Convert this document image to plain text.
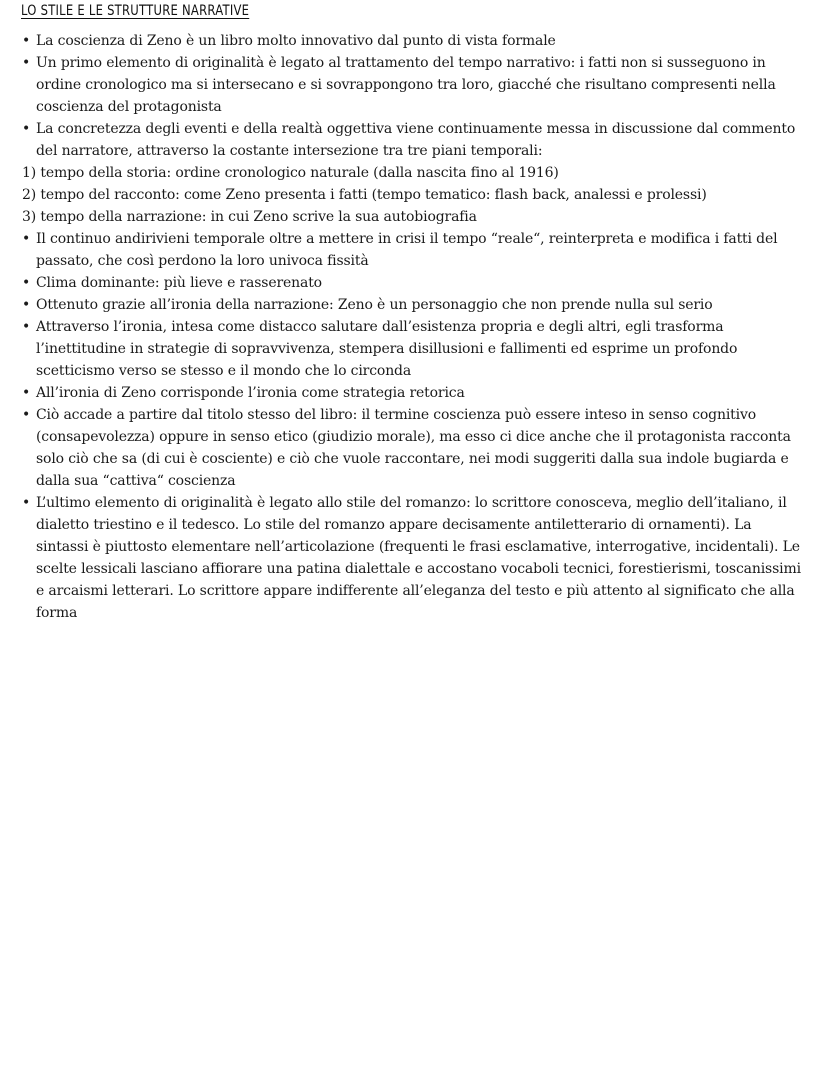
LO STILE E LE STRUTTURE NARRATIVE
• La coscienza di Zeno è un libro molto innovativo dal punto di vista formale
• Un primo elemento di originalità è legato al trattamento del tempo narrativo: i fatti non si susseguono in ordine cronologico ma si intersecano e si sovrappongono tra loro, giacché che risultano compresenti nella coscienza del protagonista
• La concretezza degli eventi e della realtà oggettiva viene continuamente messa in discussione dal commento del narratore, attraverso la costante intersezione tra tre piani temporali:
1) tempo della storia: ordine cronologico naturale (dalla nascita fino al 1916)
2) tempo del racconto: come Zeno presenta i fatti (tempo tematico: flash back, analessi e prolessi)
3) tempo della narrazione: in cui Zeno scrive la sua autobiografia
• Il continuo andirivieni temporale oltre a mettere in crisi il tempo “reale“, reinterpreta e modifica i fatti del passato, che così perdono la loro univoca fissità
• Clima dominante: più lieve e rasserenato
• Ottenuto grazie all’ironia della narrazione: Zeno è un personaggio che non prende nulla sul serio
• Attraverso l’ironia, intesa come distacco salutare dall’esistenza propria e degli altri, egli trasforma l’inettitudine in strategie di sopravvivenza, stempera disillusioni e fallimenti ed esprime un profondo scetticismo verso se stesso e il mondo che lo circonda
• All’ironia di Zeno corrisponde l’ironia come strategia retorica
• Ciò accade a partire dal titolo stesso del libro: il termine coscienza può essere inteso in senso cognitivo (consapevolezza) oppure in senso etico (giudizio morale), ma esso ci dice anche che il protagonista racconta solo ciò che sa (di cui è cosciente) e ciò che vuole raccontare, nei modi suggeriti dalla sua indole bugiarda e dalla sua “cattiva“ coscienza
• L’ultimo elemento di originalità è legato allo stile del romanzo: lo scrittore conosceva, meglio dell’italiano, il dialetto triestino e il tedesco. Lo stile del romanzo appare decisamente antiletterario di ornamenti). La sintassi è piuttosto elementare nell’articolazione (frequenti le frasi esclamative, interrogative, incidentali). Le scelte lessicali lasciano affiorare una patina dialettale e accostano vocaboli tecnici, forestierismi, toscanissimi e arcaismi letterari. Lo scrittore appare indifferente all’eleganza del testo e più attento al significato che alla forma
